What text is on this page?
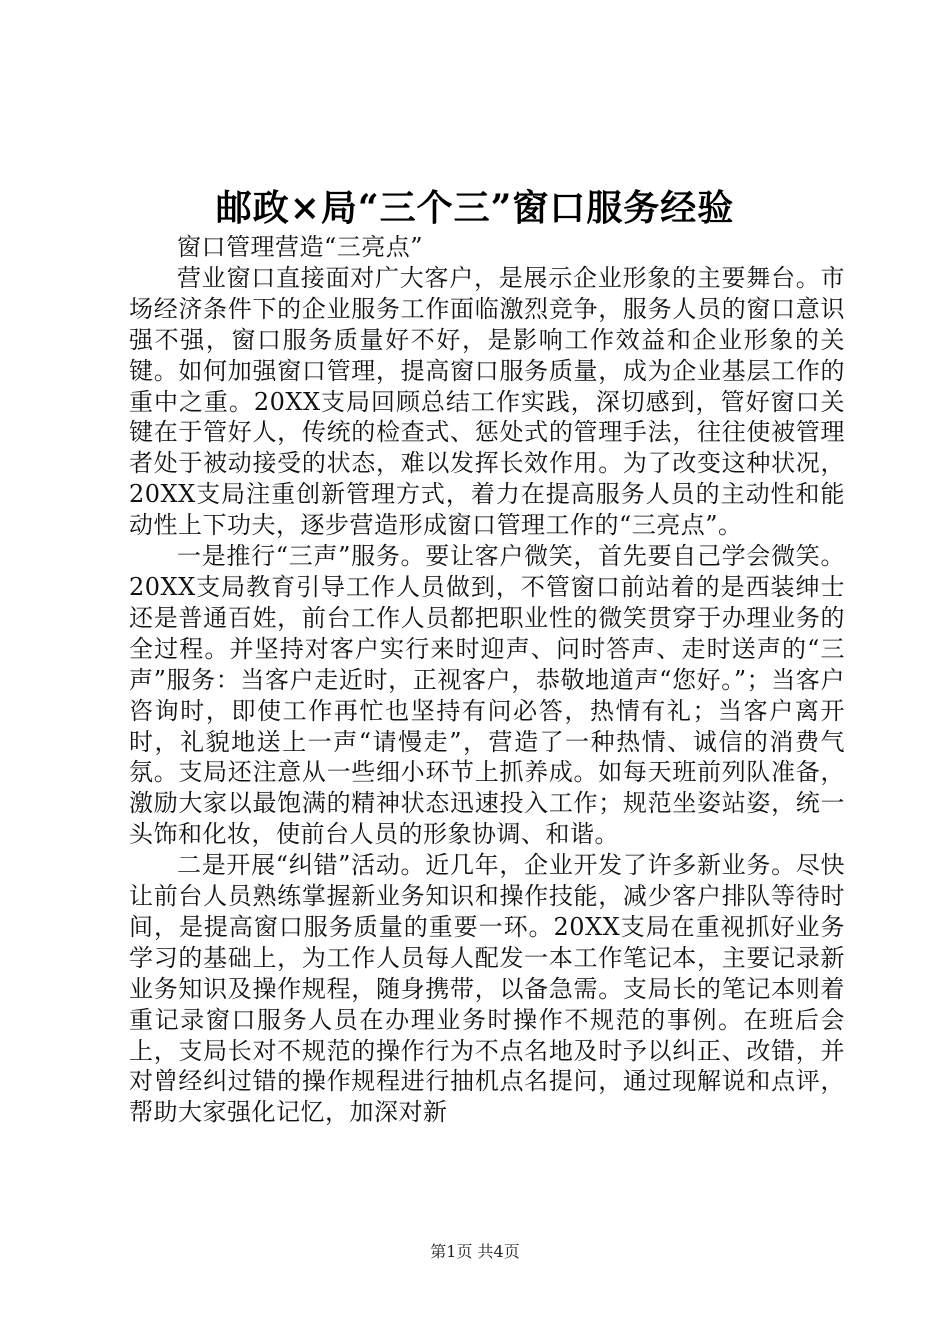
邮政×局“三个三”窗口服务经验

窗口管理营造“三亮点”

营业窗口直接面对广大客户，是展示企业形象的主要舞台。市场经济条件下的企业服务工作面临激烈竞争，服务人员的窗口意识强不强，窗口服务质量好不好，是影响工作效益和企业形象的关键。如何加强窗口管理，提高窗口服务质量，成为企业基层工作的重中之重。20XX支局回顾总结工作实践，深切感到，管好窗口关键在于管好人，传统的检查式、惩处式的管理手法，往往使被管理者处于被动接受的状态，难以发挥长效作用。为了改变这种状况，20XX支局注重创新管理方式，着力在提高服务人员的主动性和能动性上下功夫，逐步营造形成窗口管理工作的“三亮点”。

一是推行“三声”服务。要让客户微笑，首先要自己学会微笑。20XX支局教育引导工作人员做到，不管窗口前站着的是西装绅士还是普通百姓，前台工作人员都把职业性的微笑贯穿于办理业务的全过程。并坚持对客户实行来时迎声、问时答声、走时送声的“三声”服务：当客户走近时，正视客户，恭敬地道声“您好。”；当客户咨询时，即使工作再忙也坚持有问必答，热情有礼；当客户离开时，礼貌地送上一声“请慢走”，营造了一种热情、诚信的消费气氛。支局还注意从一些细小环节上抓养成。如每天班前列队准备，激励大家以最饱满的精神状态迅速投入工作；规范坐姿站姿，统一头饰和化妆，使前台人员的形象协调、和谐。

二是开展“纠错”活动。近几年，企业开发了许多新业务。尽快让前台人员熟练掌握新业务知识和操作技能，减少客户排队等待时间，是提高窗口服务质量的重要一环。20XX支局在重视抓好业务学习的基础上，为工作人员每人配发一本工作笔记本，主要记录新业务知识及操作规程，随身携带，以备急需。支局长的笔记本则着重记录窗口服务人员在办理业务时操作不规范的事例。在班后会上，支局长对不规范的操作行为不点名地及时予以纠正、改错，并对曾经纠过错的操作规程进行抽机点名提问，通过现解说和点评，帮助大家强化记忆，加深对新

第1页 共4页
